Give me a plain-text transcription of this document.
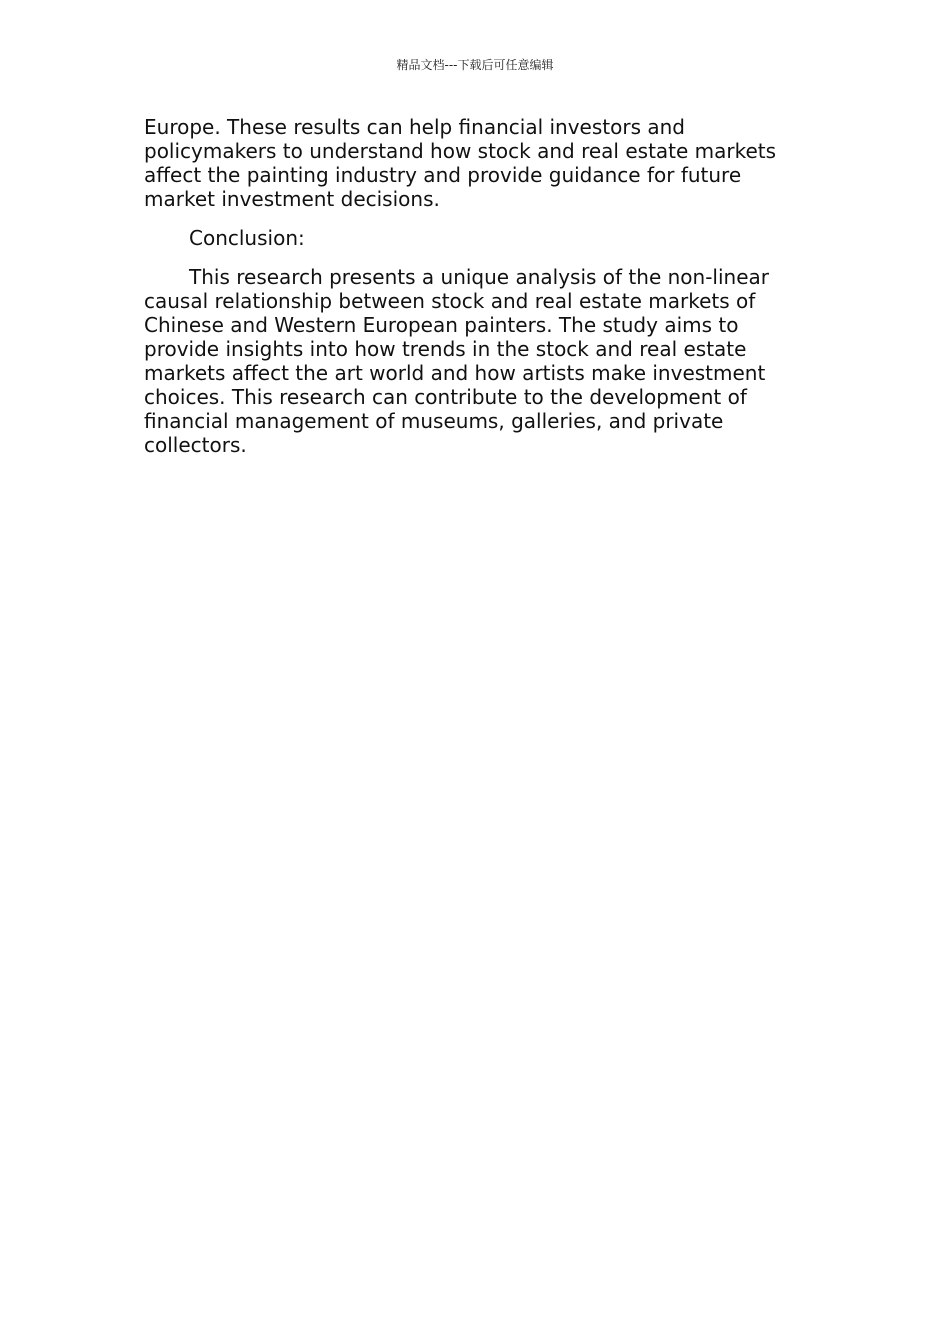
精品文档---下载后可任意编辑

Europe. These results can help financial investors and
policymakers to understand how stock and real estate markets
affect the painting industry and provide guidance for future
market investment decisions.

Conclusion:

This research presents a unique analysis of the non-linear
causal relationship between stock and real estate markets of
Chinese and Western European painters. The study aims to
provide insights into how trends in the stock and real estate
markets affect the art world and how artists make investment
choices. This research can contribute to the development of
financial management of museums, galleries, and private
collectors.
